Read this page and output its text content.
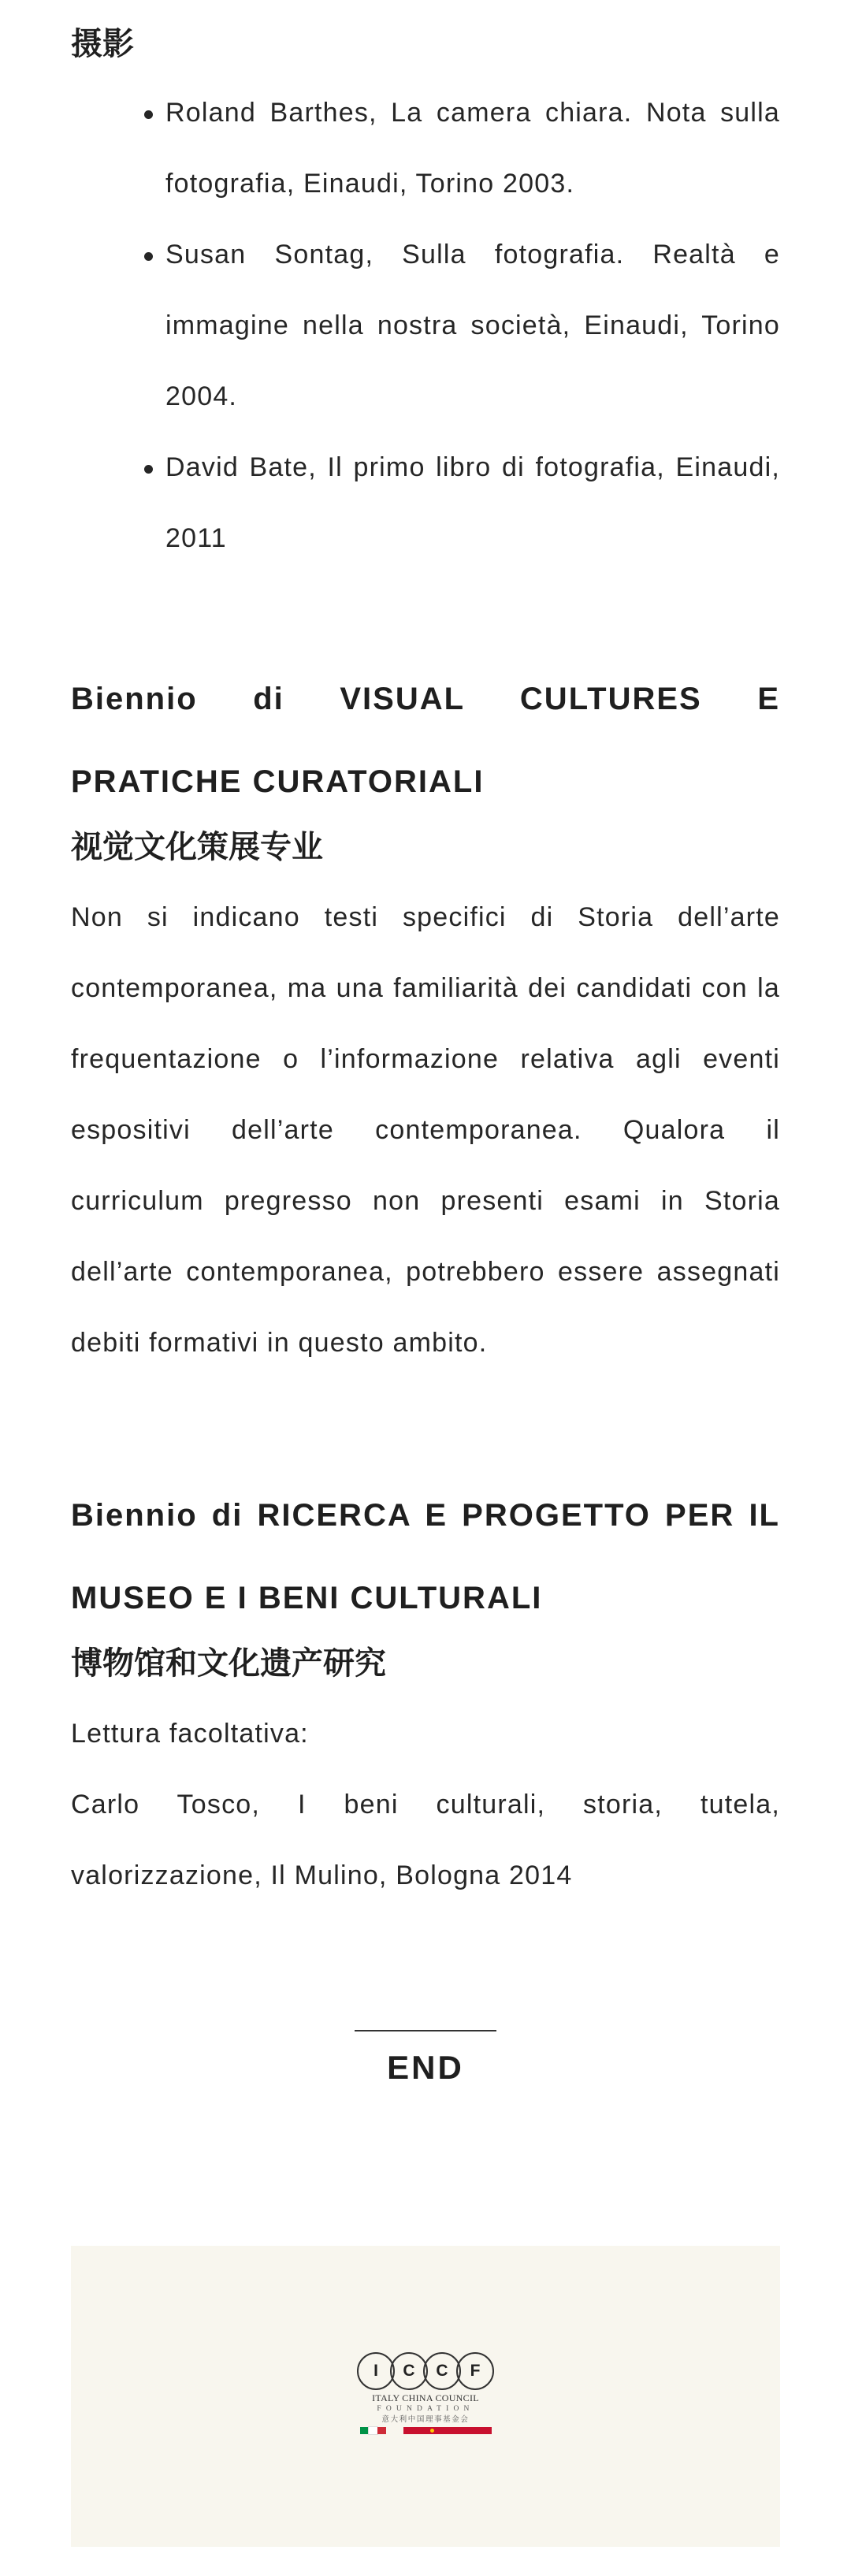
摄影
Roland Barthes, La camera chiara. Nota sulla fotografia, Einaudi, Torino 2003.
Susan Sontag, Sulla fotografia. Realtà e immagine nella nostra società, Einaudi, Torino 2004.
David Bate, Il primo libro di fotografia, Einaudi, 2011
Biennio di VISUAL CULTURES E PRATICHE CURATORIALI
视觉文化策展专业

Non si indicano testi specifici di Storia dell’arte contemporanea, ma una familiarità dei candidati con la frequentazione o l’informazione relativa agli eventi espositivi dell’arte contemporanea. Qualora il curriculum pregresso non presenti esami in Storia dell’arte contemporanea, potrebbero essere assegnati debiti formativi in questo ambito.

Biennio di RICERCA E PROGETTO PER IL MUSEO E I BENI CULTURALI
博物馆和文化遗产研究

Lettura facoltativa:

Carlo Tosco, I beni culturali, storia, tutela, valorizzazione, Il Mulino, Bologna 2014

END
I	C	C	F
ITALY CHINA COUNCIL
FOUNDATION
意大利中国理事基金会
